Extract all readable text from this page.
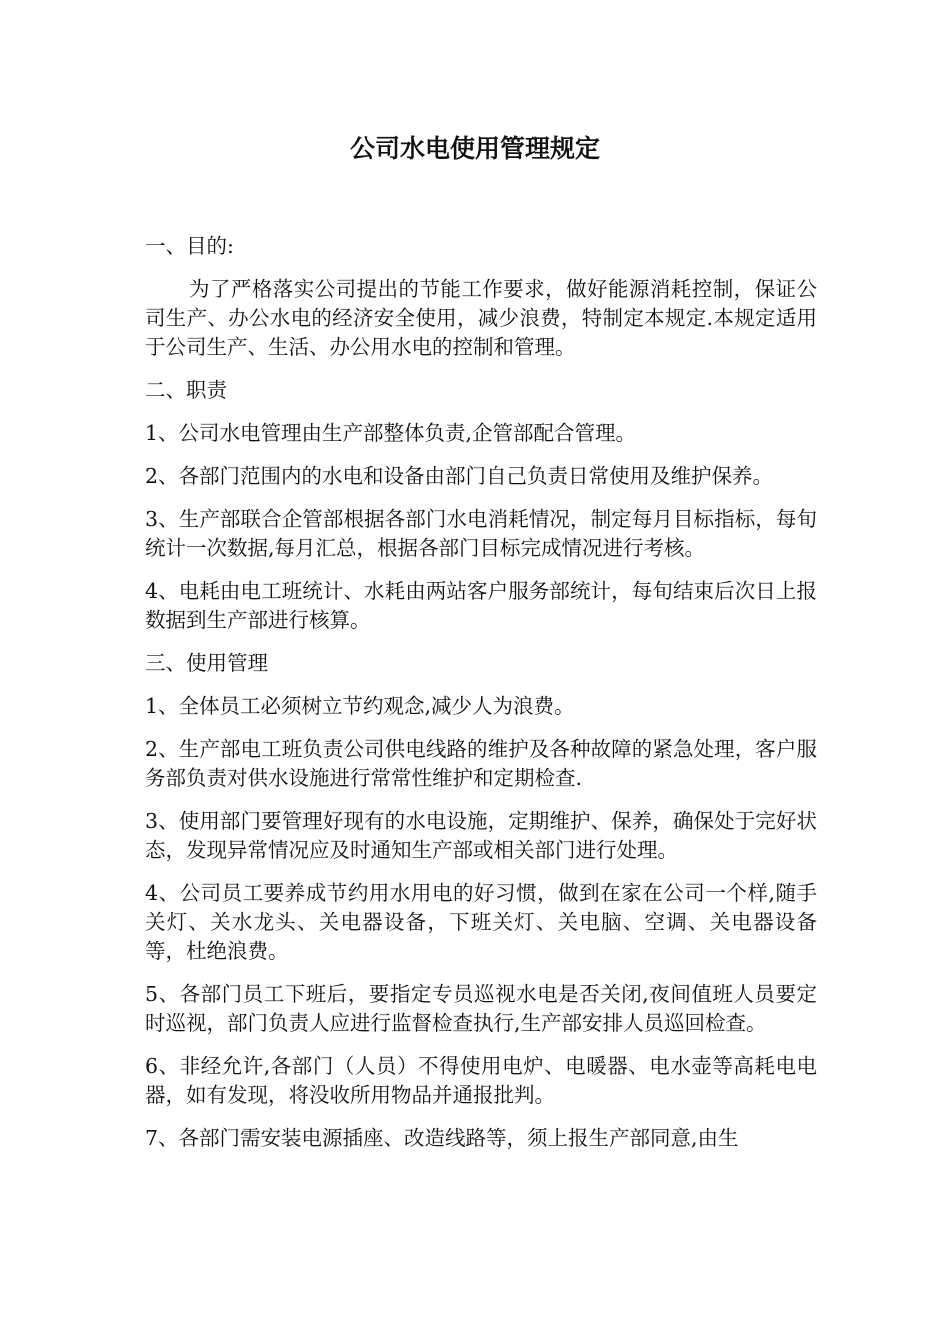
公司水电使用管理规定

一、目的:

为了严格落实公司提出的节能工作要求，做好能源消耗控制，保证公司生产、办公水电的经济安全使用，减少浪费，特制定本规定.本规定适用于公司生产、生活、办公用水电的控制和管理。

二、职责

1、公司水电管理由生产部整体负责,企管部配合管理。

2、各部门范围内的水电和设备由部门自己负责日常使用及维护保养。

3、生产部联合企管部根据各部门水电消耗情况，制定每月目标指标，每旬统计一次数据,每月汇总，根据各部门目标完成情况进行考核。

4、电耗由电工班统计、水耗由两站客户服务部统计，每旬结束后次日上报数据到生产部进行核算。

三、使用管理

1、全体员工必须树立节约观念,减少人为浪费。

2、生产部电工班负责公司供电线路的维护及各种故障的紧急处理，客户服务部负责对供水设施进行常常性维护和定期检查.

3、使用部门要管理好现有的水电设施，定期维护、保养，确保处于完好状态，发现异常情况应及时通知生产部或相关部门进行处理。

4、公司员工要养成节约用水用电的好习惯，做到在家在公司一个样,随手关灯、关水龙头、关电器设备，下班关灯、关电脑、空调、关电器设备等，杜绝浪费。

5、各部门员工下班后，要指定专员巡视水电是否关闭,夜间值班人员要定时巡视，部门负责人应进行监督检查执行,生产部安排人员巡回检查。

6、非经允许,各部门（人员）不得使用电炉、电暖器、电水壶等高耗电电器，如有发现，将没收所用物品并通报批判。

7、各部门需安装电源插座、改造线路等，须上报生产部同意,由生
